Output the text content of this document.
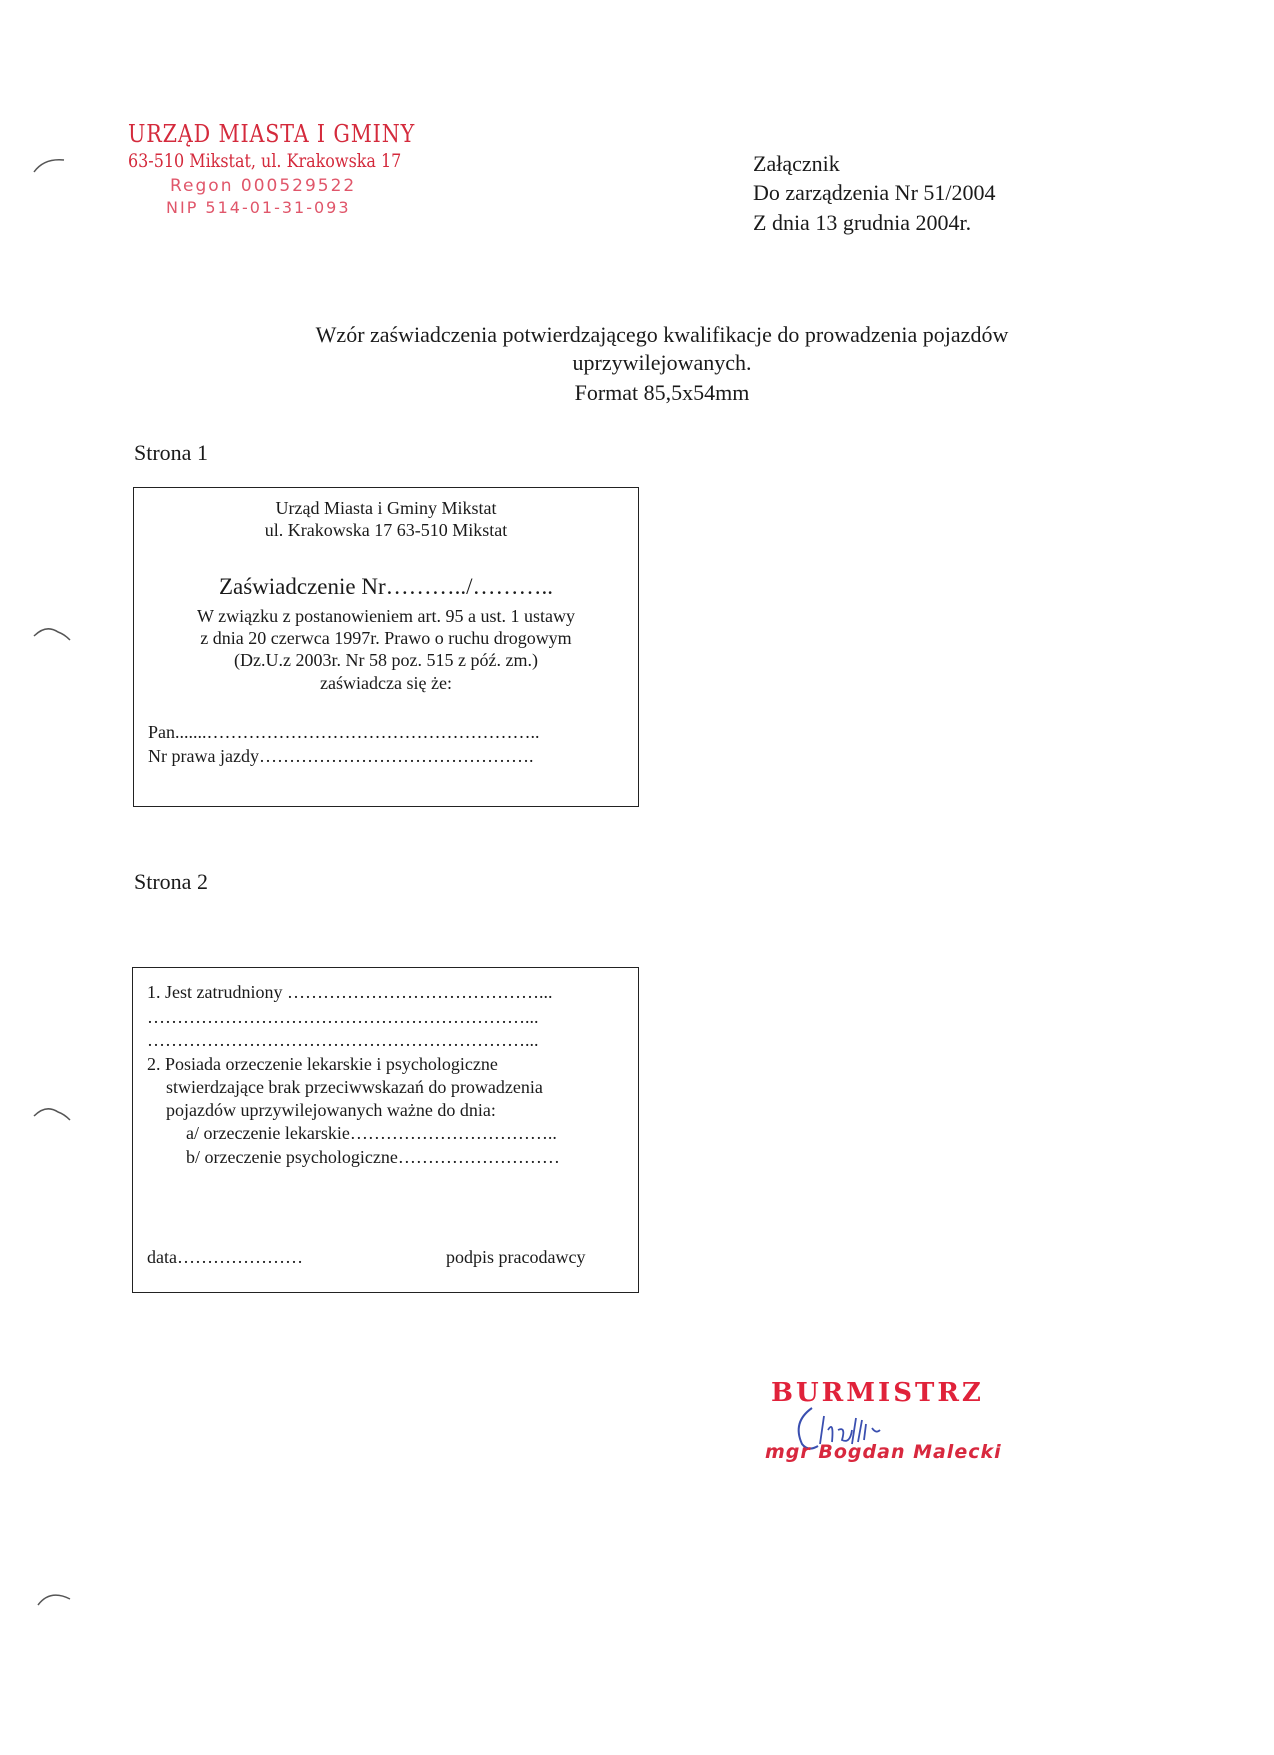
URZĄD MIASTA I GMINY
63-510 Mikstat, ul. Krakowska 17
Regon 000529522
NIP 514-01-31-093
Załącznik
Do zarządzenia Nr 51/2004
Z dnia 13 grudnia 2004r.
Wzór zaświadczenia potwierdzającego kwalifikacje do prowadzenia pojazdów
uprzywilejowanych.
Format 85,5x54mm
Strona 1
Urząd Miasta i Gminy Mikstat
ul. Krakowska 17 63-510 Mikstat
Zaświadczenie Nr………../………..
W związku z postanowieniem art. 95 a ust. 1 ustawy
z dnia 20 czerwca 1997r. Prawo o ruchu drogowym
(Dz.U.z 2003r. Nr 58 poz. 515 z póź. zm.)
zaświadcza się że:
Pan.......………………………………………………..
Nr prawa jazdy……………………………………….
Strona 2
1. Jest zatrudniony ……………………………………...
………………………………………………………...
………………………………………………………...
2. Posiada orzeczenie lekarskie i psychologiczne
stwierdzające brak przeciwwskazań do prowadzenia
pojazdów uprzywilejowanych ważne do dnia:
a/ orzeczenie lekarskie……………………………..
b/ orzeczenie psychologiczne………………………
data…………………	podpis pracodawcy
BURMISTRZ
mgr Bogdan Malecki
